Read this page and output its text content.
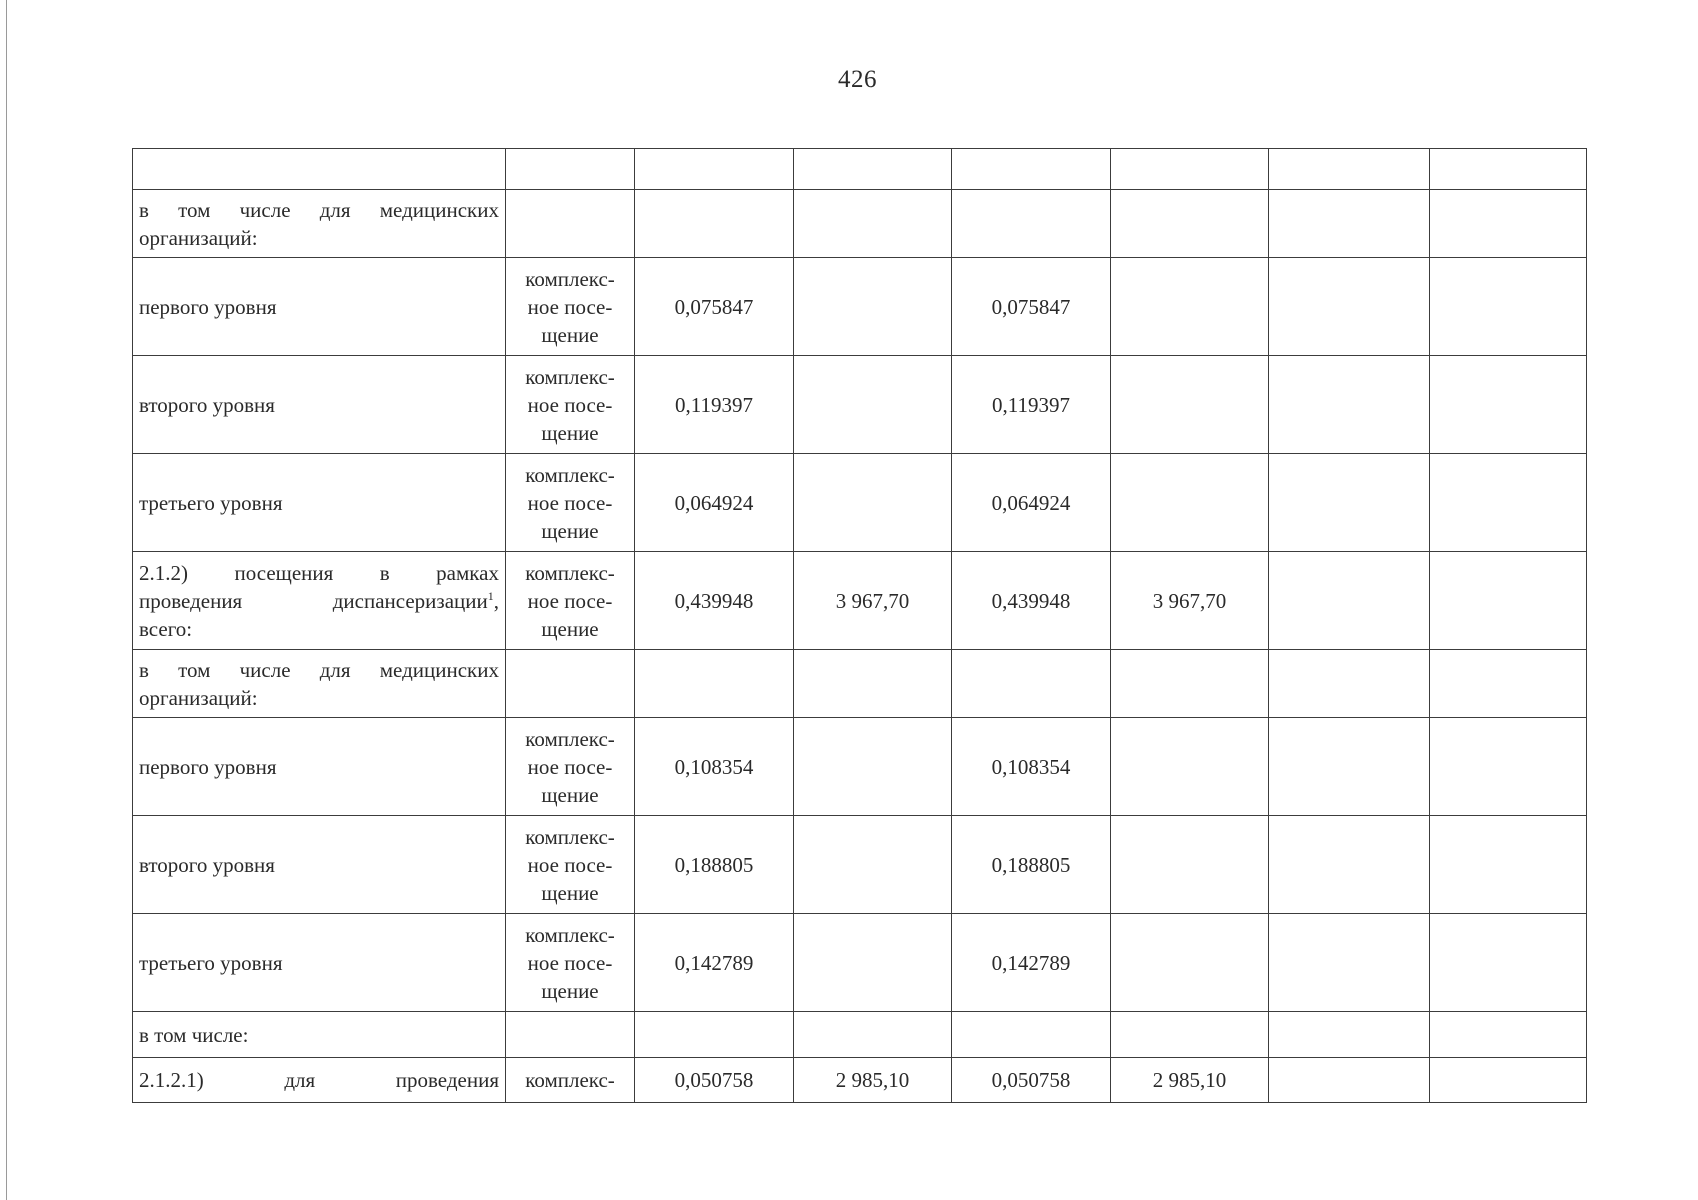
426

в том числе для медицинских
организаций:							

первого уровня	комплекс-
ное посе-
щение	0,075847		0,075847			
второго уровня	комплекс-
ное посе-
щение	0,119397		0,119397			
третьего уровня	комплекс-
ное посе-
щение	0,064924		0,064924			

2.1.2) посещения в рамках
проведения диспансеризации$^1$,
всего:	комплекс-
ное посе-
щение	0,439948	3 967,70	0,439948	3 967,70		

в том числе для медицинских
организаций:							

первого уровня	комплекс-
ное посе-
щение	0,108354		0,108354			
второго уровня	комплекс-
ное посе-
щение	0,188805		0,188805			
третьего уровня	комплекс-
ное посе-
щение	0,142789		0,142789			
в том числе:							

2.1.2.1) для проведения	комплекс-	0,050758	2 985,10	0,050758	2 985,10		
